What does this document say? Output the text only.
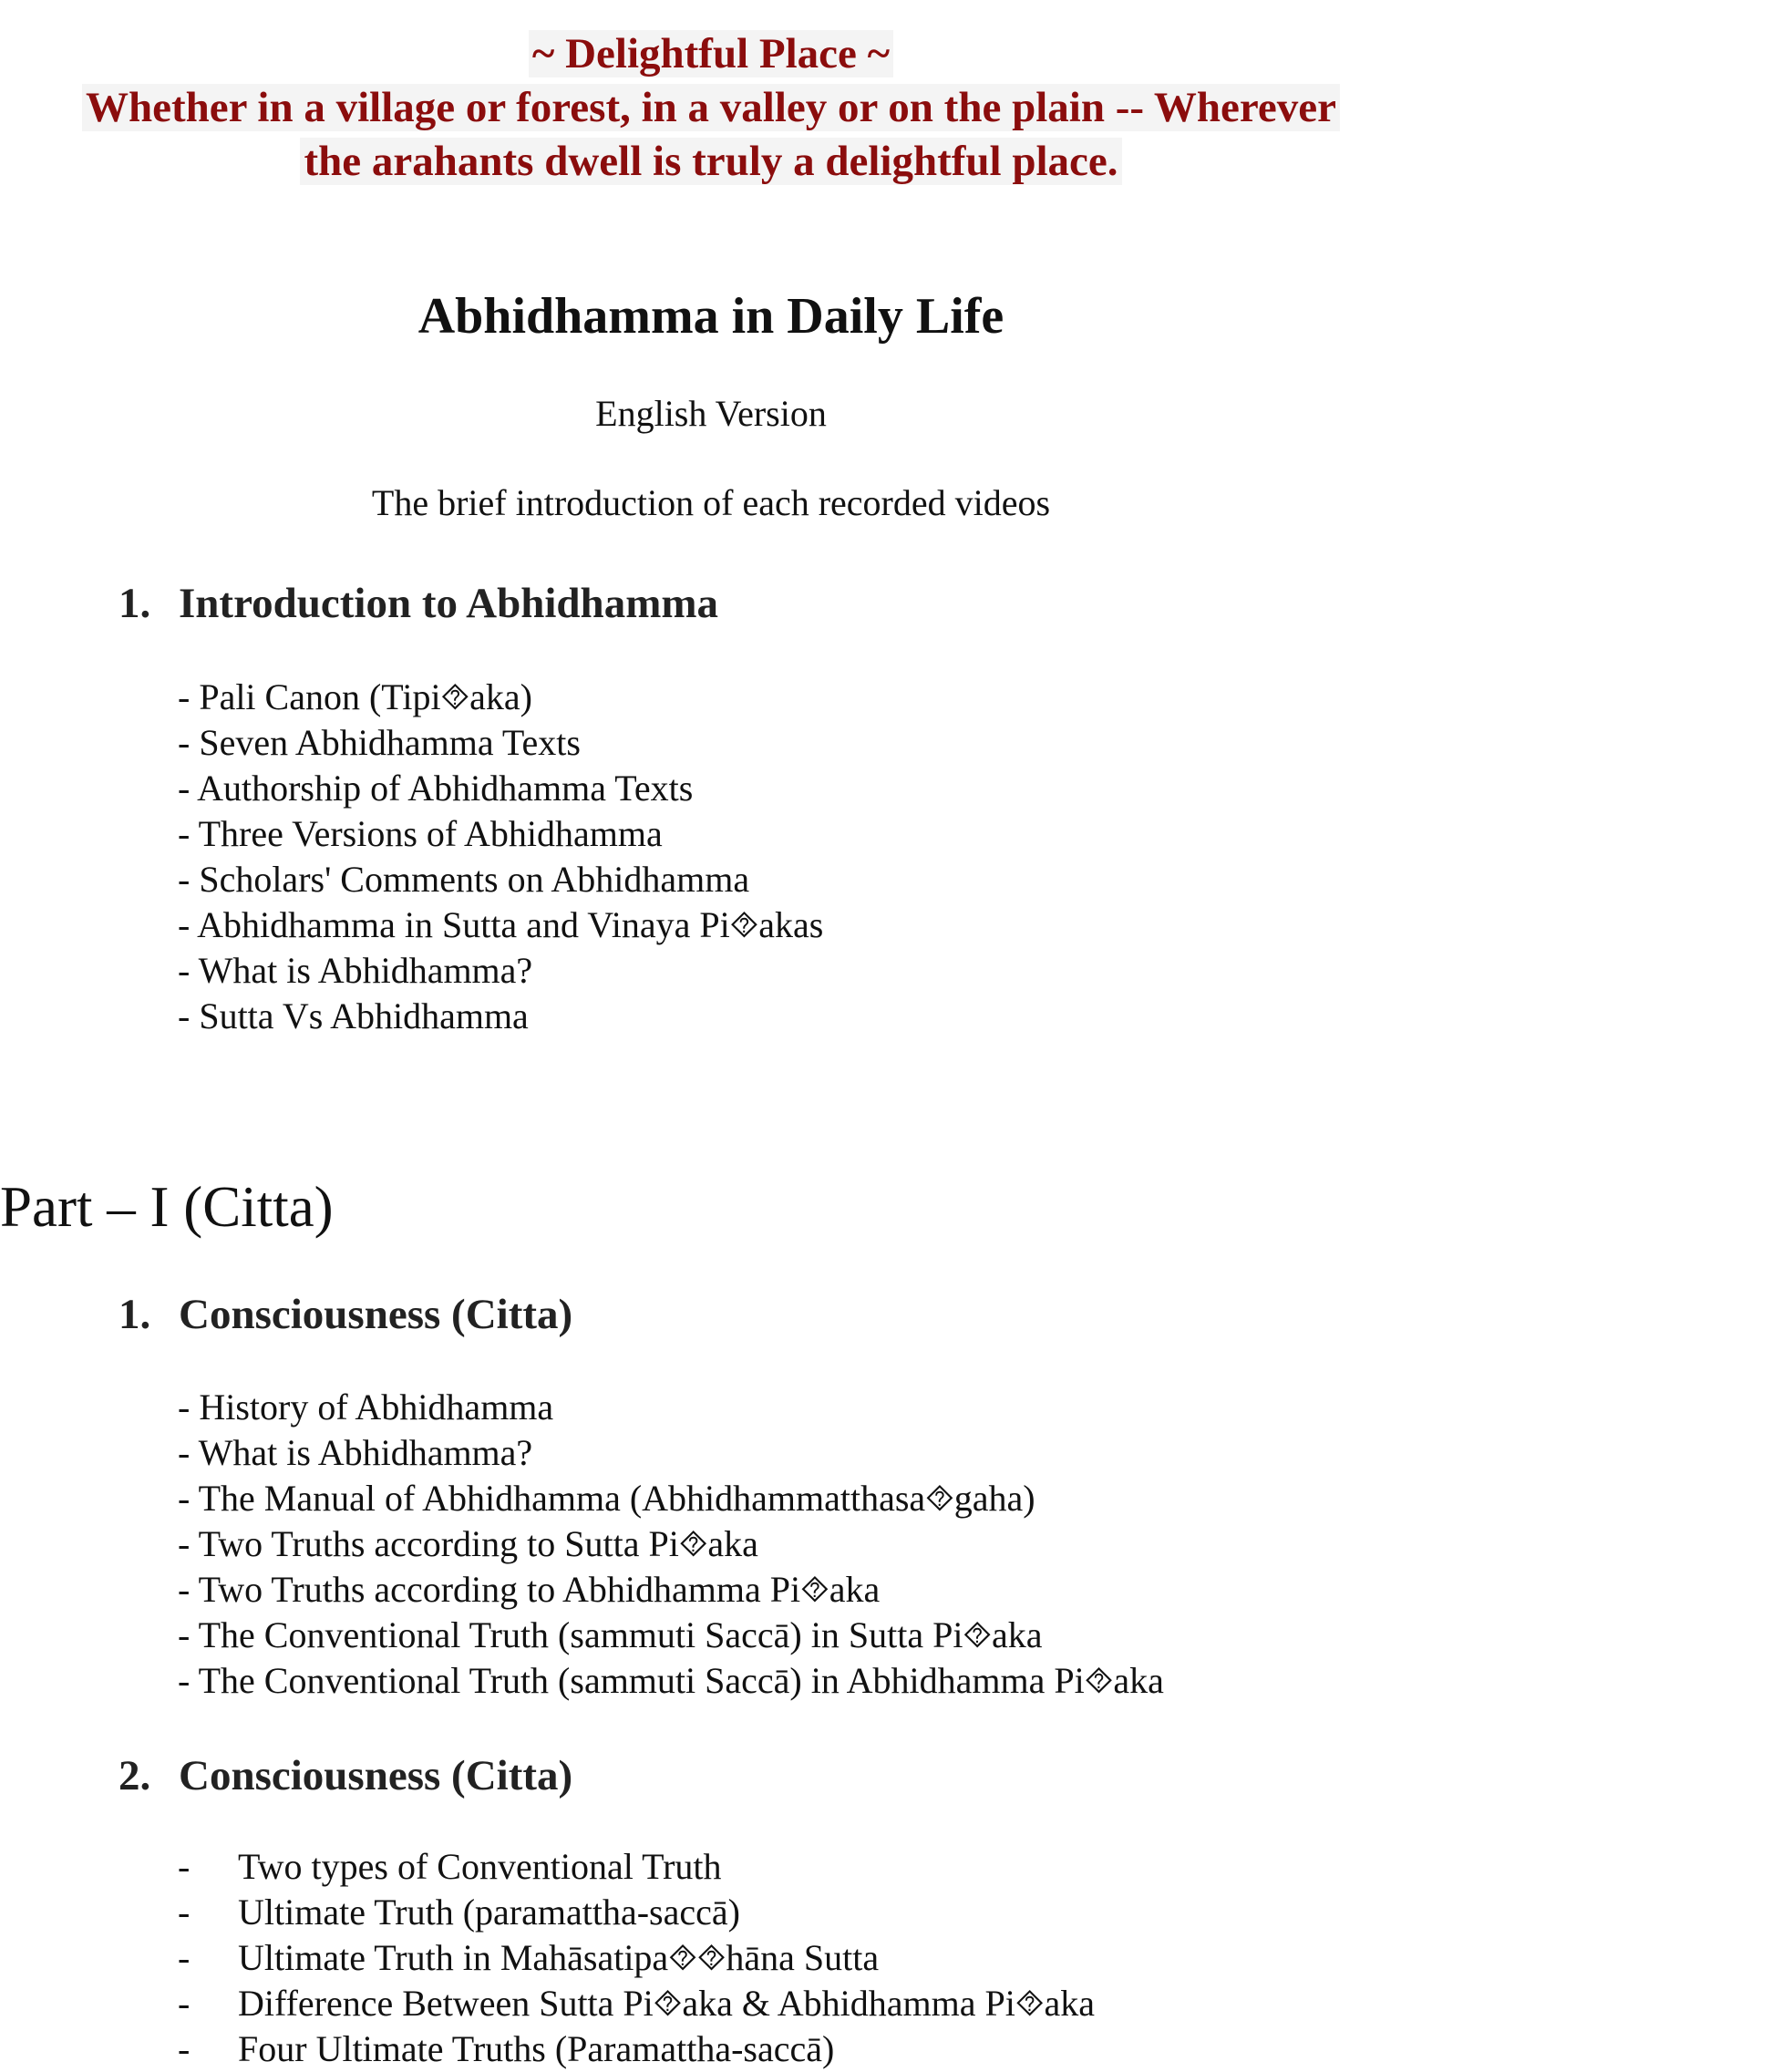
~ Delightful Place ~
Whether in a village or forest, in a valley or on the plain -- Wherever
the arahants dwell is truly a delightful place.
Abhidhamma in Daily Life
English Version
The brief introduction of each recorded videos
1. Introduction to Abhidhamma
- Pali Canon (Tipi⯑aka)
- Seven Abhidhamma Texts
- Authorship of Abhidhamma Texts
- Three Versions of Abhidhamma
- Scholars' Comments on Abhidhamma
- Abhidhamma in Sutta and Vinaya Pi⯑akas
- What is Abhidhamma?
- Sutta Vs Abhidhamma
Part – I (Citta)
1. Consciousness (Citta)
- History of Abhidhamma
- What is Abhidhamma?
- The Manual of Abhidhamma (Abhidhammatthasa⯑gaha)
- Two Truths according to Sutta Pi⯑aka
- Two Truths according to Abhidhamma Pi⯑aka
- The Conventional Truth (sammuti Saccā) in Sutta Pi⯑aka
- The Conventional Truth (sammuti Saccā) in Abhidhamma Pi⯑aka
2. Consciousness (Citta)
- Two types of Conventional Truth
- Ultimate Truth (paramattha-saccā)
- Ultimate Truth in Mahāsatipa⯑⯑hāna Sutta
- Difference Between Sutta Pi⯑aka & Abhidhamma Pi⯑aka
- Four Ultimate Truths (Paramattha-saccā)
